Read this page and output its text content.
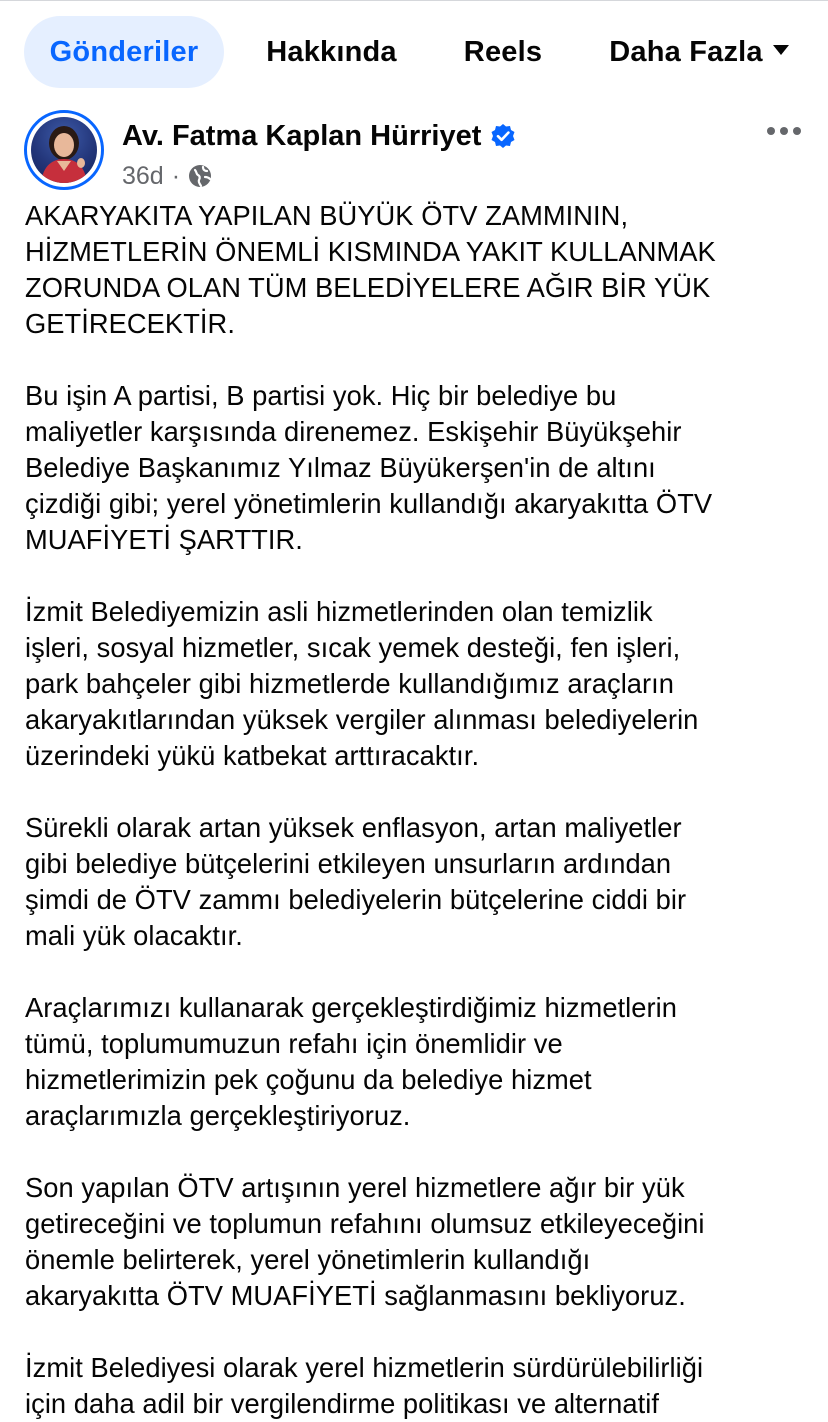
Gönderiler Hakkında Reels Daha Fazla
Av. Fatma Kaplan Hürriyet
36d ·
AKARYAKITA YAPILAN BÜYÜK ÖTV ZAMMININ,
HİZMETLERİN ÖNEMLİ KISMINDA YAKIT KULLANMAK
ZORUNDA OLAN TÜM BELEDİYELERE AĞIR BİR YÜK
GETİRECEKTİR.
Bu işin A partisi, B partisi yok. Hiç bir belediye bu
maliyetler karşısında direnemez. Eskişehir Büyükşehir
Belediye Başkanımız Yılmaz Büyükerşen'in de altını
çizdiği gibi; yerel yönetimlerin kullandığı akaryakıtta ÖTV
MUAFİYETİ ŞARTTIR.
İzmit Belediyemizin asli hizmetlerinden olan temizlik
işleri, sosyal hizmetler, sıcak yemek desteği, fen işleri,
park bahçeler gibi hizmetlerde kullandığımız araçların
akaryakıtlarından yüksek vergiler alınması belediyelerin
üzerindeki yükü katbekat arttıracaktır.
Sürekli olarak artan yüksek enflasyon, artan maliyetler
gibi belediye bütçelerini etkileyen unsurların ardından
şimdi de ÖTV zammı belediyelerin bütçelerine ciddi bir
mali yük olacaktır.
Araçlarımızı kullanarak gerçekleştirdiğimiz hizmetlerin
tümü, toplumumuzun refahı için önemlidir ve
hizmetlerimizin pek çoğunu da belediye hizmet
araçlarımızla gerçekleştiriyoruz.
Son yapılan ÖTV artışının yerel hizmetlere ağır bir yük
getireceğini ve toplumun refahını olumsuz etkileyeceğini
önemle belirterek, yerel yönetimlerin kullandığı
akaryakıtta ÖTV MUAFİYETİ sağlanmasını bekliyoruz.
İzmit Belediyesi olarak yerel hizmetlerin sürdürülebilirliği
için daha adil bir vergilendirme politikası ve alternatif
